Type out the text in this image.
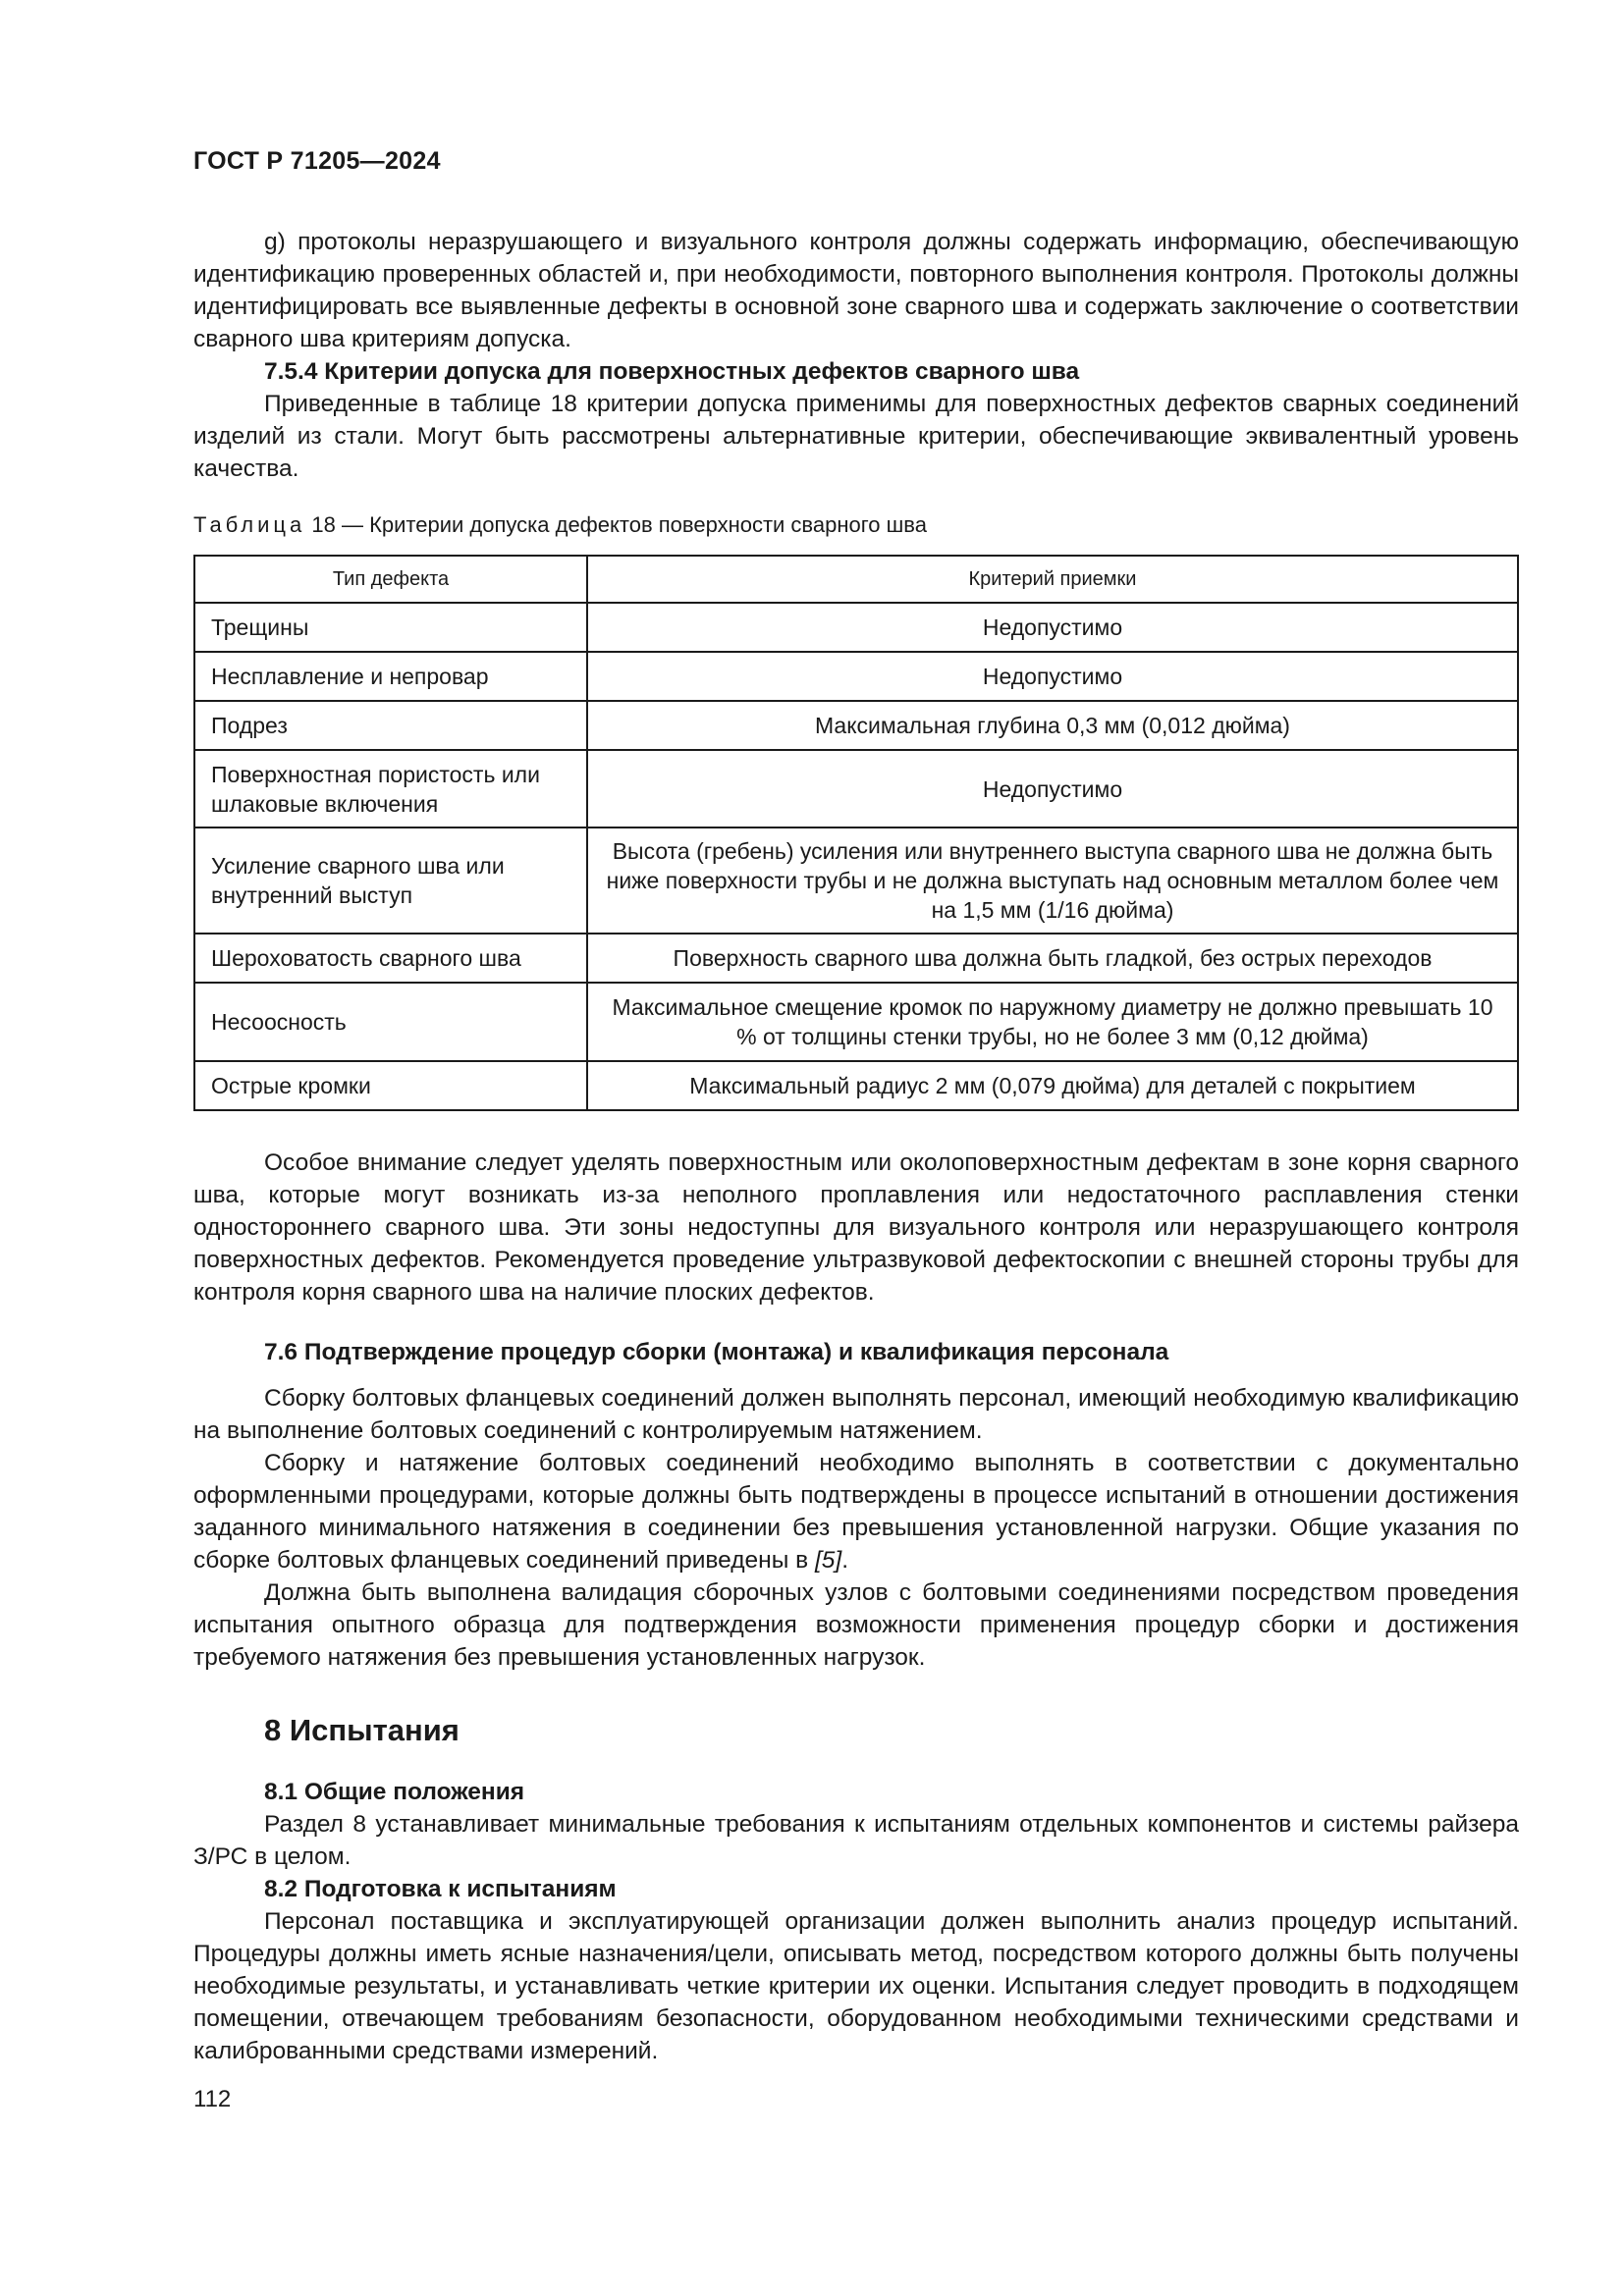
ГОСТ Р 71205—2024

g) протоколы неразрушающего и визуального контроля должны содержать информацию, обеспечивающую идентификацию проверенных областей и, при необходимости, повторного выполнения контроля. Протоколы должны идентифицировать все выявленные дефекты в основной зоне сварного шва и содержать заключение о соответствии сварного шва критериям допуска.

7.5.4 Критерии допуска для поверхностных дефектов сварного шва

Приведенные в таблице 18 критерии допуска применимы для поверхностных дефектов сварных соединений изделий из стали. Могут быть рассмотрены альтернативные критерии, обеспечивающие эквивалентный уровень качества.

Таблица 18 — Критерии допуска дефектов поверхности сварного шва
Тип дефекта	Критерий приемки
Трещины	Недопустимо
Несплавление и непровар	Недопустимо
Подрез	Максимальная глубина 0,3 мм (0,012 дюйма)
Поверхностная пористость или шлаковые включения	Недопустимо
Усиление сварного шва или внутренний выступ	Высота (гребень) усиления или внутреннего выступа сварного шва не должна быть ниже поверхности трубы и не должна выступать над основным металлом более чем на 1,5 мм (1/16 дюйма)
Шероховатость сварного шва	Поверхность сварного шва должна быть гладкой, без острых переходов
Несоосность	Максимальное смещение кромок по наружному диаметру не должно превышать 10 % от толщины стенки трубы, но не более 3 мм (0,12 дюйма)
Острые кромки	Максимальный радиус 2 мм (0,079 дюйма) для деталей с покрытием

Особое внимание следует уделять поверхностным или околоповерхностным дефектам в зоне корня сварного шва, которые могут возникать из-за неполного проплавления или недостаточного расплавления стенки одностороннего сварного шва. Эти зоны недоступны для визуального контроля или неразрушающего контроля поверхностных дефектов. Рекомендуется проведение ультразвуковой дефектоскопии с внешней стороны трубы для контроля корня сварного шва на наличие плоских дефектов.

7.6 Подтверждение процедур сборки (монтажа) и квалификация персонала

Сборку болтовых фланцевых соединений должен выполнять персонал, имеющий необходимую квалификацию на выполнение болтовых соединений с контролируемым натяжением.

Сборку и натяжение болтовых соединений необходимо выполнять в соответствии с документально оформленными процедурами, которые должны быть подтверждены в процессе испытаний в отношении достижения заданного минимального натяжения в соединении без превышения установленной нагрузки. Общие указания по сборке болтовых фланцевых соединений приведены в [5].

Должна быть выполнена валидация сборочных узлов с болтовыми соединениями посредством проведения испытания опытного образца для подтверждения возможности применения процедур сборки и достижения требуемого натяжения без превышения установленных нагрузок.

8 Испытания
8.1 Общие положения

Раздел 8 устанавливает минимальные требования к испытаниям отдельных компонентов и системы райзера З/РС в целом.

8.2 Подготовка к испытаниям

Персонал поставщика и эксплуатирующей организации должен выполнить анализ процедур испытаний. Процедуры должны иметь ясные назначения/цели, описывать метод, посредством которого должны быть получены необходимые результаты, и устанавливать четкие критерии их оценки. Испытания следует проводить в подходящем помещении, отвечающем требованиям безопасности, оборудованном необходимыми техническими средствами и калиброванными средствами измерений.

112
